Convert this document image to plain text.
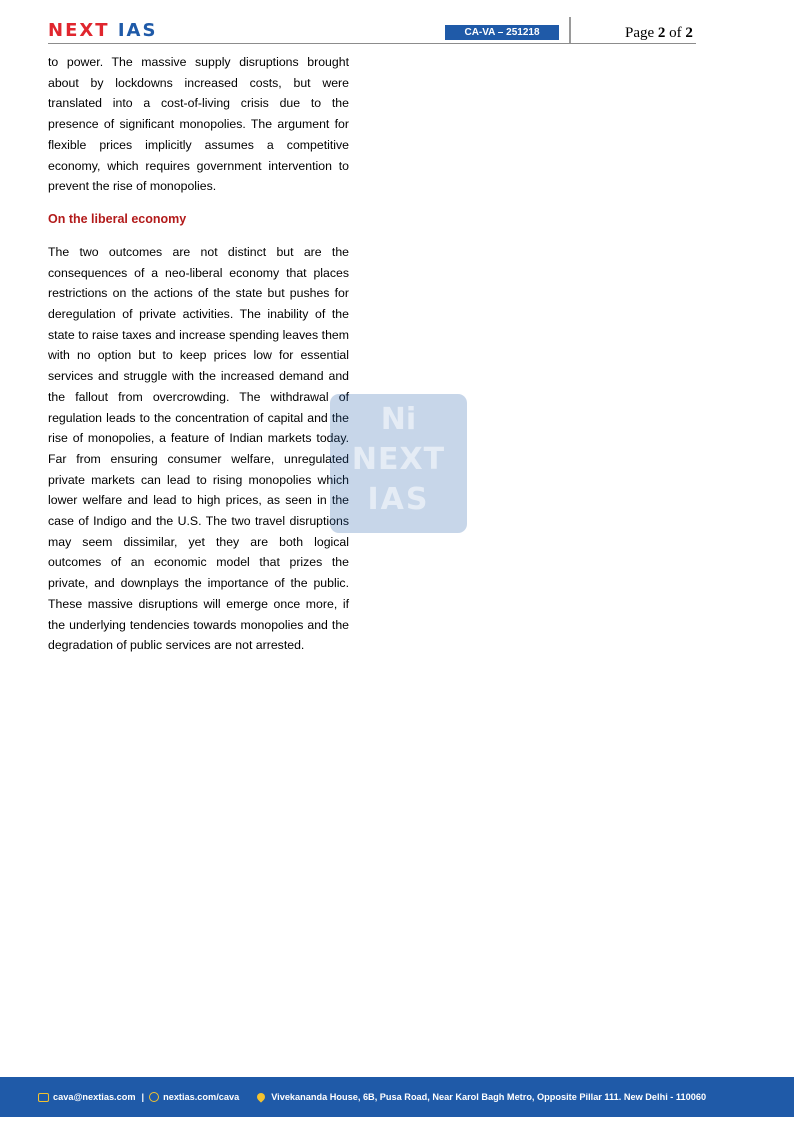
NEXT IAS	CA-VA – 251218	Page 2 of 2

to power. The massive supply disruptions brought about by lockdowns increased costs, but were translated into a cost-of-living crisis due to the presence of significant monopolies. The argument for flexible prices implicitly assumes a competitive economy, which requires government intervention to prevent the rise of monopolies.

On the liberal economy

The two outcomes are not distinct but are the consequences of a neo-liberal economy that places restrictions on the actions of the state but pushes for deregulation of private activities. The inability of the state to raise taxes and increase spending leaves them with no option but to keep prices low for essential services and struggle with the increased demand and the fallout from overcrowding. The withdrawal of regulation leads to the concentration of capital and the rise of monopolies, a feature of Indian markets today. Far from ensuring consumer welfare, unregulated private markets can lead to rising monopolies which lower welfare and lead to high prices, as seen in the case of Indigo and the U.S. The two travel disruptions may seem dissimilar, yet they are both logical outcomes of an economic model that prizes the private, and downplays the importance of the public. These massive disruptions will emerge once more, if the underlying tendencies towards monopolies and the degradation of public services are not arrested.

Ni
NEXT
IAS
cava@nextias.com | nextias.com/cava	Vivekananda House, 6B, Pusa Road, Near Karol Bagh Metro, Opposite Pillar 111. New Delhi - 110060
